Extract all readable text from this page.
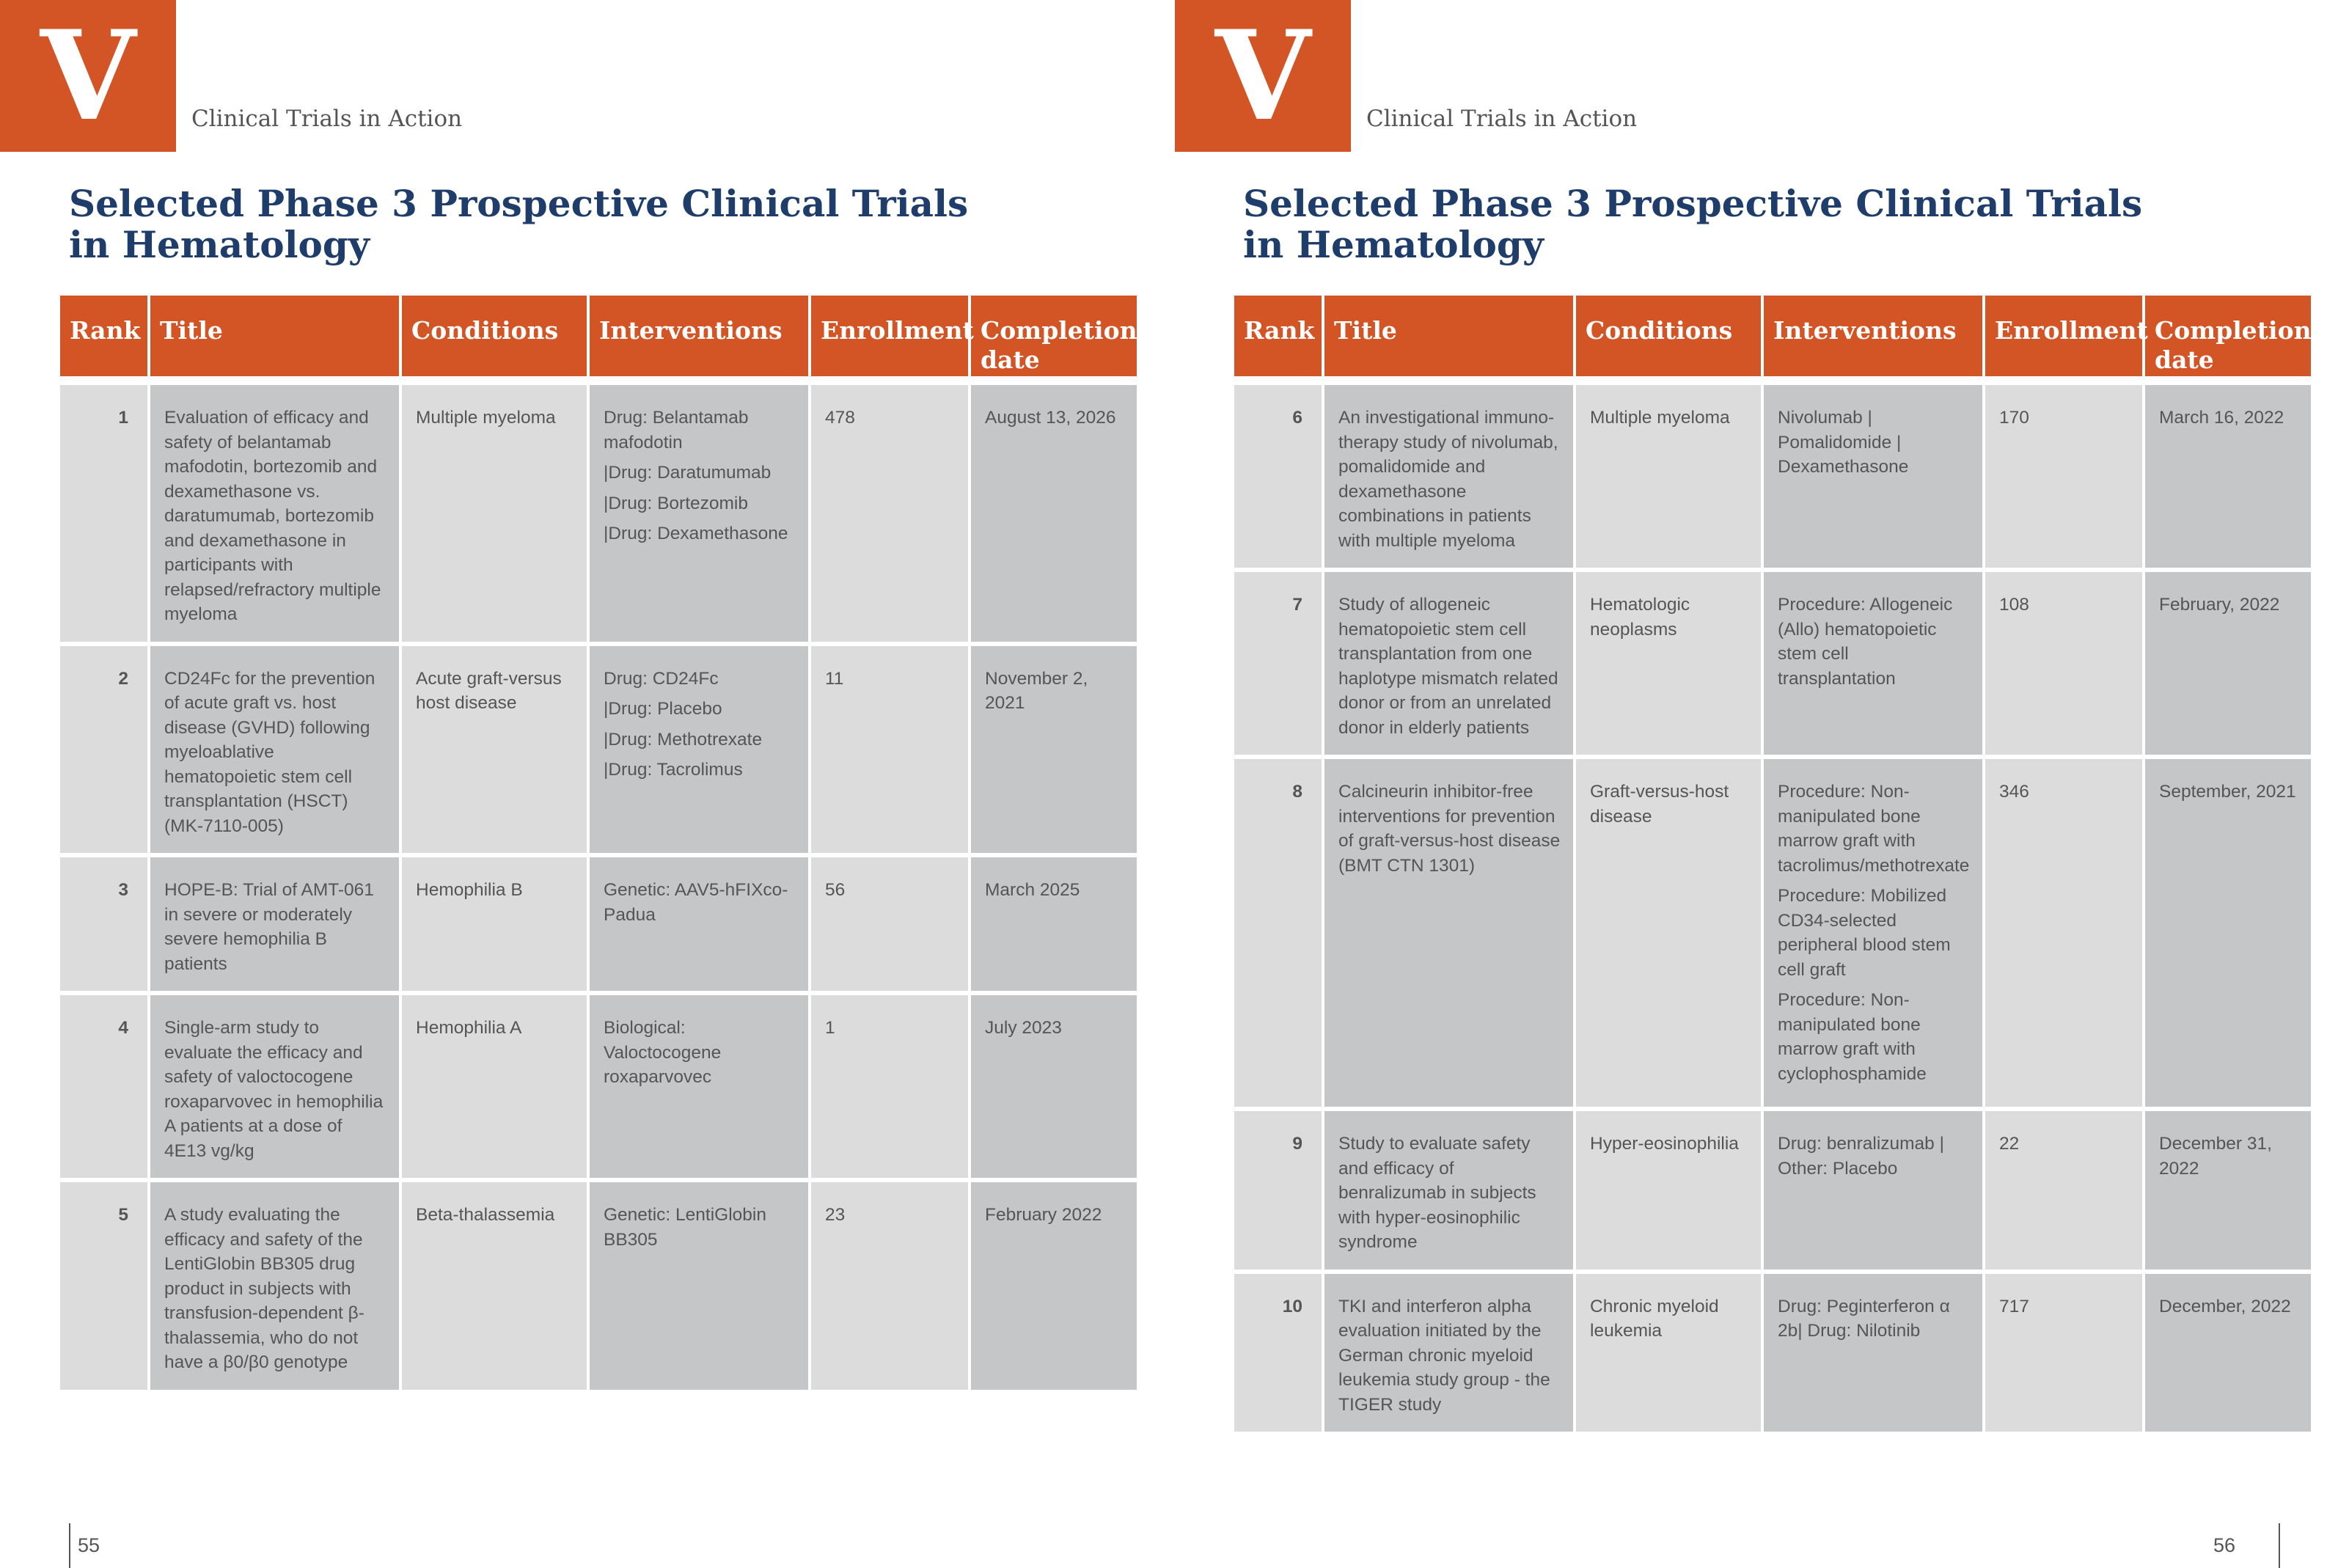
V	Clinical Trials in Action
Selected Phase 3 Prospective Clinical Trials
in Hematology
Rank	Title	Conditions	Interventions	Enrollment	Completion date
1	Evaluation of efficacy and safety of belantamab mafodotin, bortezomib and dexamethasone vs. daratumumab, bortezomib and dexamethasone in participants with relapsed/refractory multiple myeloma	Multiple myeloma	Drug: Belantamab mafodotin
|Drug: Daratumumab
|Drug: Bortezomib
|Drug: Dexamethasone	478	August 13, 2026
2	CD24Fc for the prevention of acute graft vs. host disease (GVHD) following myeloablative hematopoietic stem cell transplantation (HSCT) (MK-7110-005)	Acute graft-versus host disease	Drug: CD24Fc
|Drug: Placebo
|Drug: Methotrexate
|Drug: Tacrolimus	11	November 2, 2021
3	HOPE-B: Trial of AMT-061 in severe or moderately severe hemophilia B patients	Hemophilia B	Genetic: AAV5-hFIXco-Padua	56	March 2025
4	Single-arm study to evaluate the efficacy and safety of valoctocogene roxaparvovec in hemophilia A patients at a dose of 4E13 vg/kg	Hemophilia A	Biological: Valoctocogene roxaparvovec	1	July 2023
5	A study evaluating the efficacy and safety of the LentiGlobin BB305 drug product in subjects with transfusion-dependent β-thalassemia, who do not have a β0/β0 genotype	Beta-thalassemia	Genetic: LentiGlobin BB305	23	February 2022
55
V	Clinical Trials in Action
Selected Phase 3 Prospective Clinical Trials
in Hematology
Rank	Title	Conditions	Interventions	Enrollment	Completion date
6	An investigational immuno-therapy study of nivolumab, pomalidomide and dexamethasone combinations in patients with multiple myeloma	Multiple myeloma	Nivolumab | Pomalidomide | Dexamethasone	170	March 16, 2022
7	Study of allogeneic hematopoietic stem cell transplantation from one haplotype mismatch related donor or from an unrelated donor in elderly patients	Hematologic neoplasms	Procedure: Allogeneic (Allo) hematopoietic stem cell transplantation	108	February, 2022
8	Calcineurin inhibitor-free interventions for prevention of graft-versus-host disease (BMT CTN 1301)	Graft-versus-host disease	Procedure: Non-manipulated bone marrow graft with tacrolimus/methotrexate
Procedure: Mobilized CD34-selected peripheral blood stem cell graft
Procedure: Non-manipulated bone marrow graft with cyclophosphamide	346	September, 2021
9	Study to evaluate safety and efficacy of benralizumab in subjects with hyper-eosinophilic syndrome	Hyper-eosinophilia	Drug: benralizumab | Other: Placebo	22	December 31, 2022
10	TKI and interferon alpha evaluation initiated by the German chronic myeloid leukemia study group - the TIGER study	Chronic myeloid leukemia	Drug: Peginterferon α 2b| Drug: Nilotinib	717	December, 2022
56
